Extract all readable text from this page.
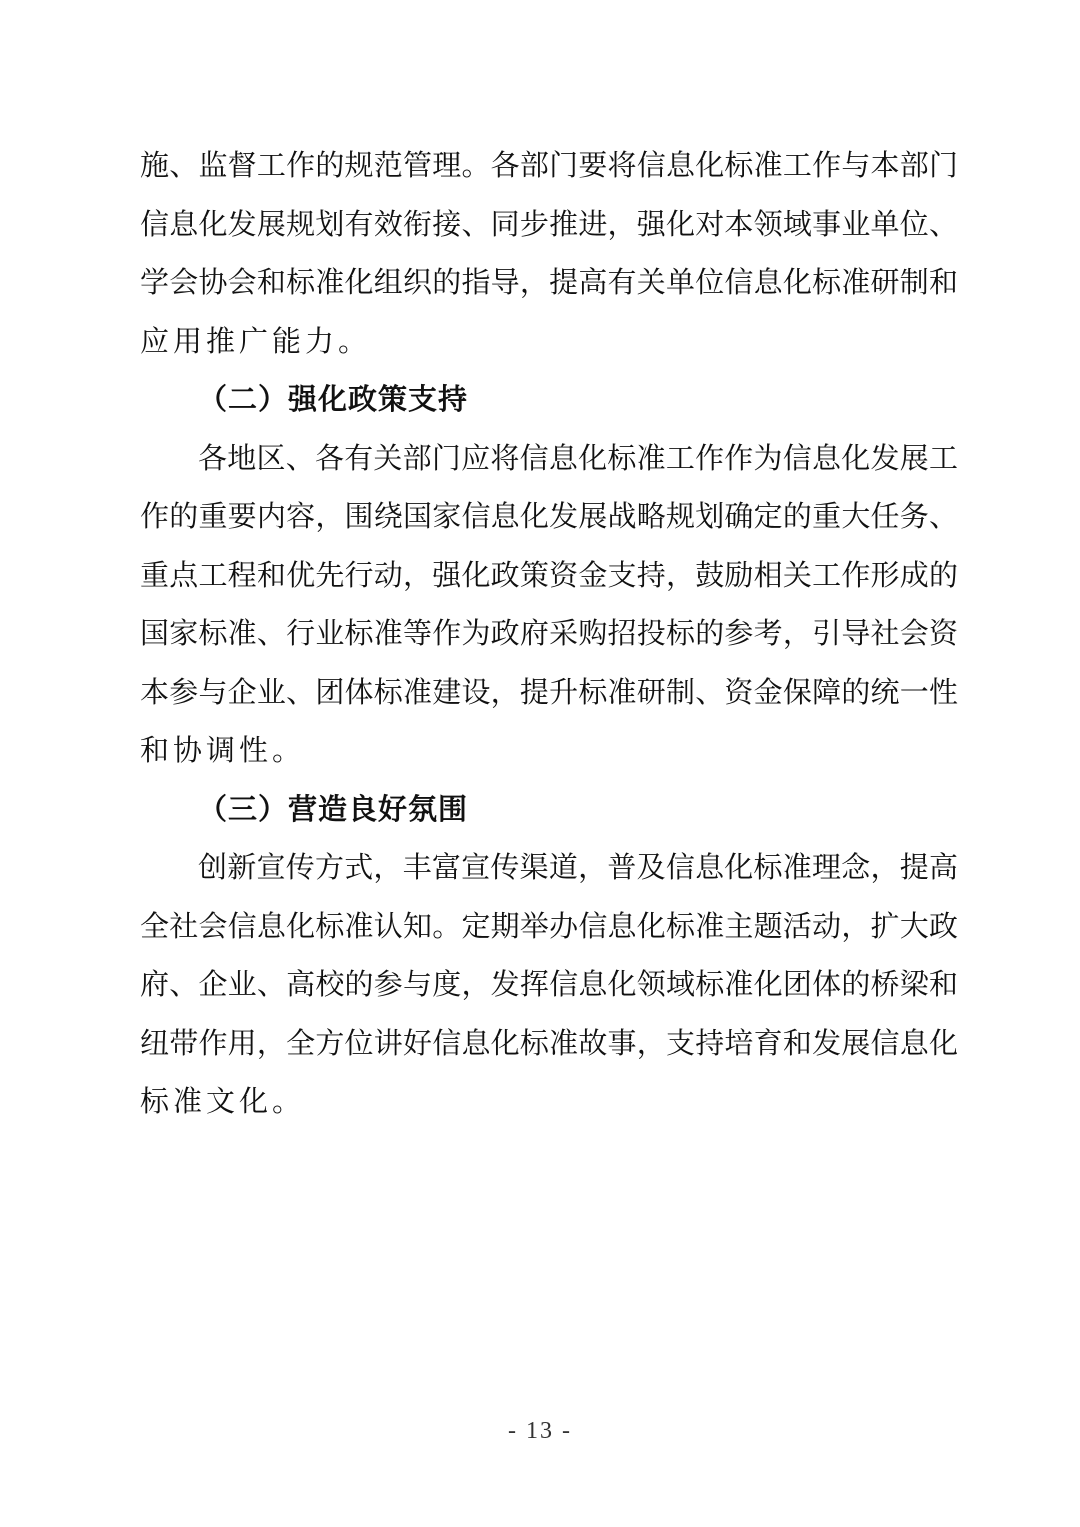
施、监督工作的规范管理。各部门要将信息化标准工作与本部门
信息化发展规划有效衔接、同步推进，强化对本领域事业单位、
学会协会和标准化组织的指导，提高有关单位信息化标准研制和
应用推广能力。
（二）强化政策支持
各地区、各有关部门应将信息化标准工作作为信息化发展工
作的重要内容，围绕国家信息化发展战略规划确定的重大任务、
重点工程和优先行动，强化政策资金支持，鼓励相关工作形成的
国家标准、行业标准等作为政府采购招投标的参考，引导社会资
本参与企业、团体标准建设，提升标准研制、资金保障的统一性
和协调性。
（三）营造良好氛围
创新宣传方式，丰富宣传渠道，普及信息化标准理念，提高
全社会信息化标准认知。定期举办信息化标准主题活动，扩大政
府、企业、高校的参与度，发挥信息化领域标准化团体的桥梁和
纽带作用，全方位讲好信息化标准故事，支持培育和发展信息化
标准文化。
- 13 -
